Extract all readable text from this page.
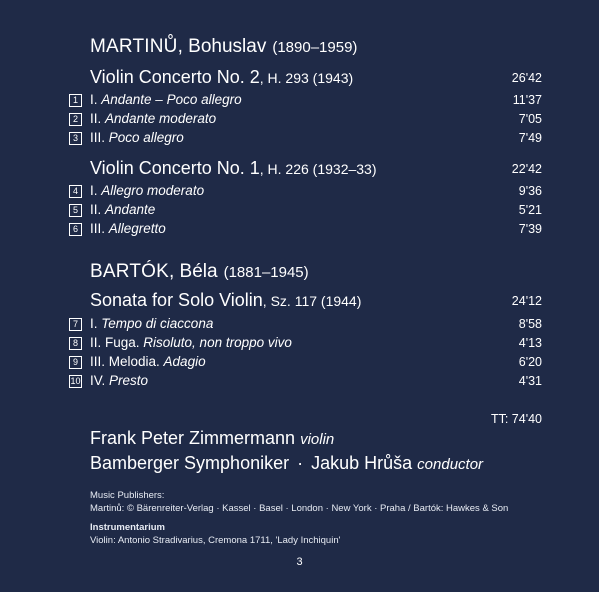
MARTINŮ, Bohuslav (1890–1959)
Violin Concerto No. 2, H. 293 (1943)	26'42
1 I. Andante – Poco allegro	11'37
2 II. Andante moderato	7'05
3 III. Poco allegro	7'49
Violin Concerto No. 1, H. 226 (1932–33)	22'42
4 I. Allegro moderato	9'36
5 II. Andante	5'21
6 III. Allegretto	7'39
BARTÓK, Béla (1881–1945)
Sonata for Solo Violin, Sz. 117 (1944)	24'12
7 I. Tempo di ciaccona	8'58
8 II. Fuga. Risoluto, non troppo vivo	4'13
9 III. Melodia. Adagio	6'20
10 IV. Presto	4'31
TT: 74'40
Frank Peter Zimmermann violin
Bamberger Symphoniker · Jakub Hrůša conductor
Music Publishers:
Martinů: © Bärenreiter-Verlag · Kassel · Basel · London · New York · Praha / Bartók: Hawkes & Son
Instrumentarium
Violin: Antonio Stradivarius, Cremona 1711, 'Lady Inchiquin'
3
